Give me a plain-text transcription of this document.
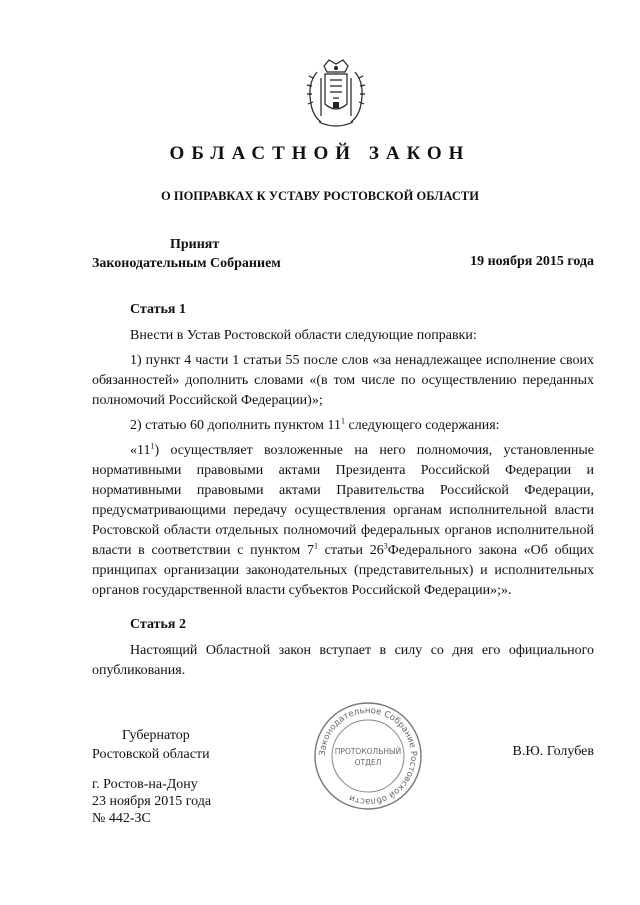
ОБЛАСТНОЙ ЗАКОН
О ПОПРАВКАХ К УСТАВУ РОСТОВСКОЙ ОБЛАСТИ
Принят
Законодательным Собранием	19 ноября 2015 года
Статья 1

Внести в Устав Ростовской области следующие поправки:

1) пункт 4 части 1 статьи 55 после слов «за ненадлежащее исполнение своих обязанностей» дополнить словами «(в том числе по осуществлению переданных полномочий Российской Федерации)»;

2) статью 60 дополнить пунктом $11^1$ следующего содержания:

«$11^1$) осуществляет возложенные на него полномочия, установленные нормативными правовыми актами Президента Российской Федерации и нормативными правовыми актами Правительства Российской Федерации, предусматривающими передачу осуществления органам исполнительной власти Ростовской области отдельных полномочий федеральных органов исполнительной власти в соответствии с пунктом $7^1$ статьи $26^3Федерального$ закона «Об общих принципах организации законодательных (представительных) и исполнительных органов государственной власти субъектов Российской Федерации»;».

Статья 2

Настоящий Областной закон вступает в силу со дня его официального опубликования.

Губернатор
Ростовской области	В.Ю. Голубев
г. Ростов-на-Дону
23 ноября 2015 года
№ 442-ЗС
Законодательное Собрание Ростовской области
ПРОТОКОЛЬНЫЙ
ОТДЕЛ
